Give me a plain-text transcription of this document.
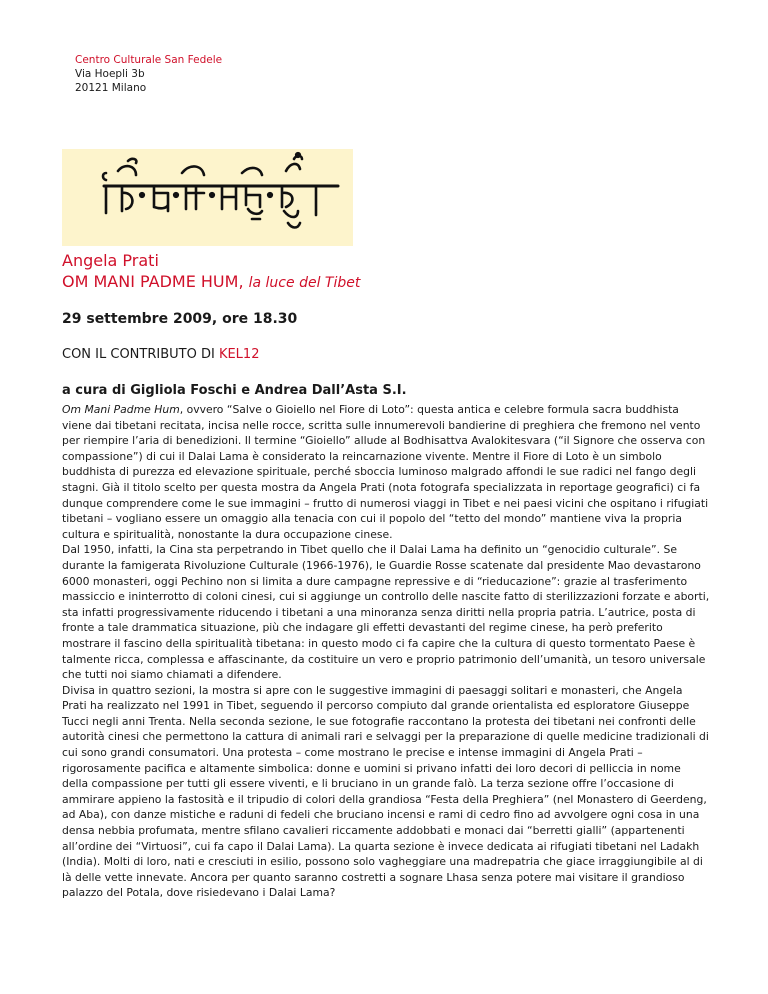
Centro Culturale San Fedele
Via Hoepli 3b
20121 Milano
Angela Prati
OM MANI PADME HUM, la luce del Tibet
29 settembre 2009, ore 18.30
CON IL CONTRIBUTO DI KEL12
a cura di Gigliola Foschi e Andrea Dall’Asta S.I.

Om Mani Padme Hum, ovvero “Salve o Gioiello nel Fiore di Loto”: questa antica e celebre formula sacra buddhista viene dai tibetani recitata, incisa nelle rocce, scritta sulle innumerevoli bandierine di preghiera che fremono nel vento per riempire l’aria di benedizioni. Il termine “Gioiello” allude al Bodhisattva Avalokitesvara (“il Signore che osserva con compassione”) di cui il Dalai Lama è considerato la reincarnazione vivente. Mentre il Fiore di Loto è un simbolo buddhista di purezza ed elevazione spirituale, perché sboccia luminoso malgrado affondi le sue radici nel fango degli stagni. Già il titolo scelto per questa mostra da Angela Prati (nota fotografa specializzata in reportage geografici) ci fa dunque comprendere come le sue immagini – frutto di numerosi viaggi in Tibet e nei paesi vicini che ospitano i rifugiati tibetani – vogliano essere un omaggio alla tenacia con cui il popolo del “tetto del mondo” mantiene viva la propria cultura e spiritualità, nonostante la dura occupazione cinese.

Dal 1950, infatti, la Cina sta perpetrando in Tibet quello che il Dalai Lama ha definito un “genocidio culturale”. Se durante la famigerata Rivoluzione Culturale (1966-1976), le Guardie Rosse scatenate dal presidente Mao devastarono 6000 monasteri, oggi Pechino non si limita a dure campagne repressive e di “rieducazione”: grazie al trasferimento massiccio e ininterrotto di coloni cinesi, cui si aggiunge un controllo delle nascite fatto di sterilizzazioni forzate e aborti, sta infatti progressivamente riducendo i tibetani a una minoranza senza diritti nella propria patria. L’autrice, posta di fronte a tale drammatica situazione, più che indagare gli effetti devastanti del regime cinese, ha però preferito mostrare il fascino della spiritualità tibetana: in questo modo ci fa capire che la cultura di questo tormentato Paese è talmente ricca, complessa e affascinante, da costituire un vero e proprio patrimonio dell’umanità, un tesoro universale che tutti noi siamo chiamati a difendere.

Divisa in quattro sezioni, la mostra si apre con le suggestive immagini di paesaggi solitari e monasteri, che Angela Prati ha realizzato nel 1991 in Tibet, seguendo il percorso compiuto dal grande orientalista ed esploratore Giuseppe Tucci negli anni Trenta. Nella seconda sezione, le sue fotografie raccontano la protesta dei tibetani nei confronti delle autorità cinesi che permettono la cattura di animali rari e selvaggi per la preparazione di quelle medicine tradizionali di cui sono grandi consumatori. Una protesta – come mostrano le precise e intense immagini di Angela Prati – rigorosamente pacifica e altamente simbolica: donne e uomini si privano infatti dei loro decori di pelliccia in nome della compassione per tutti gli essere viventi, e li bruciano in un grande falò. La terza sezione offre l’occasione di ammirare appieno la fastosità e il tripudio di colori della grandiosa “Festa della Preghiera” (nel Monastero di Geerdeng, ad Aba), con danze mistiche e raduni di fedeli che bruciano incensi e rami di cedro fino ad avvolgere ogni cosa in una densa nebbia profumata, mentre sfilano cavalieri riccamente addobbati e monaci dai “berretti gialli” (appartenenti all’ordine dei “Virtuosi”, cui fa capo il Dalai Lama). La quarta sezione è invece dedicata ai rifugiati tibetani nel Ladakh (India). Molti di loro, nati e cresciuti in esilio, possono solo vagheggiare una madrepatria che giace irraggiungibile al di là delle vette innevate. Ancora per quanto saranno costretti a sognare Lhasa senza potere mai visitare il grandioso palazzo del Potala, dove risiedevano i Dalai Lama?
